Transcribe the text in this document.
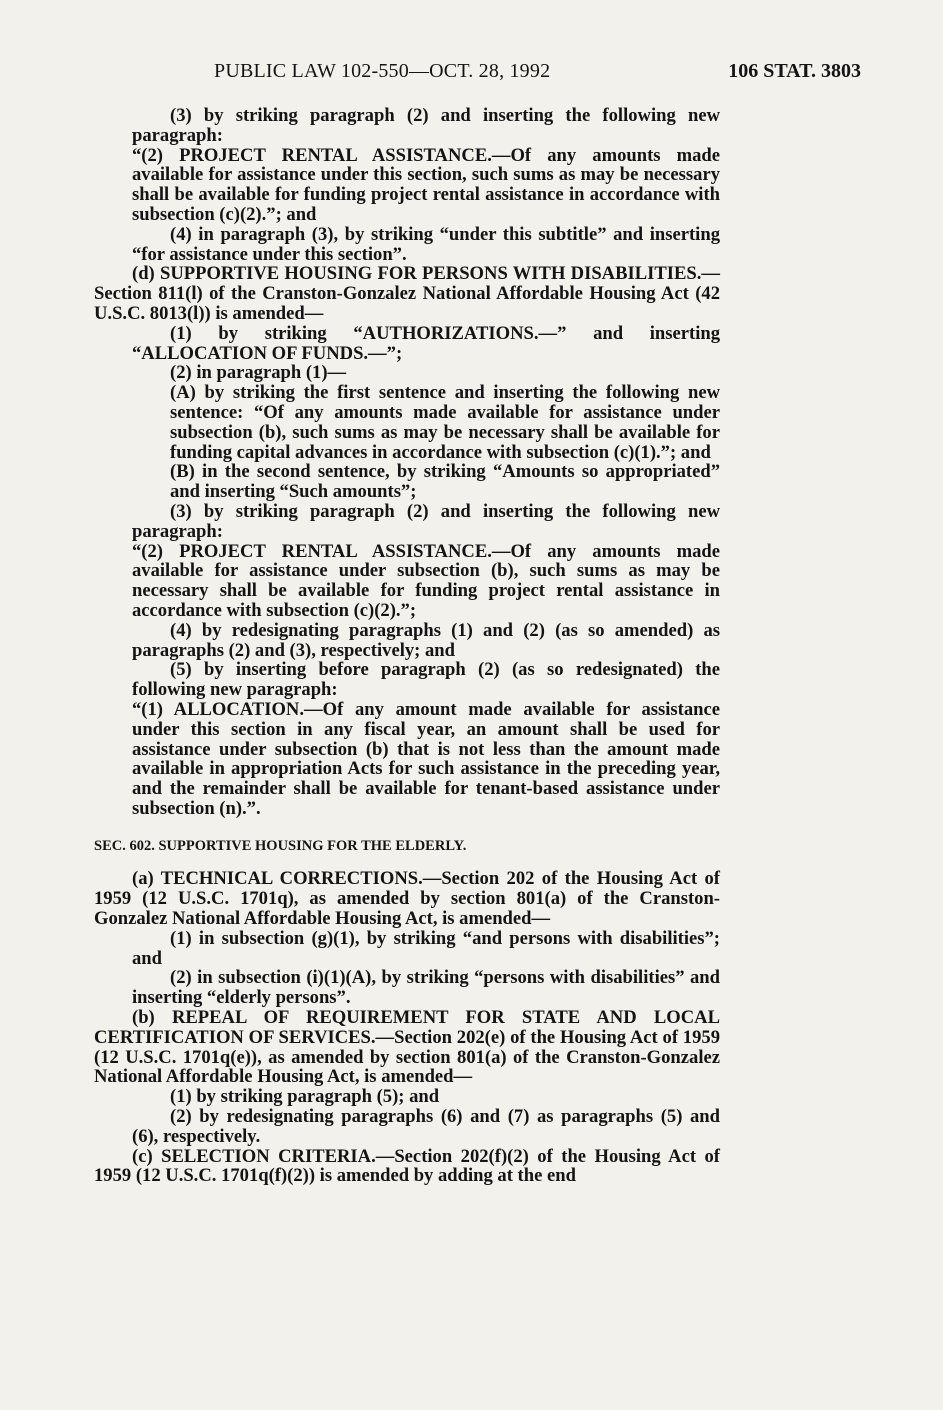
PUBLIC LAW 102-550—OCT. 28, 1992	106 STAT. 3803

(3) by striking paragraph (2) and inserting the following new paragraph:

“(2) PROJECT RENTAL ASSISTANCE.—Of any amounts made available for assistance under this section, such sums as may be necessary shall be available for funding project rental assistance in accordance with subsection (c)(2).”; and

(4) in paragraph (3), by striking “under this subtitle” and inserting “for assistance under this section”.

(d) SUPPORTIVE HOUSING FOR PERSONS WITH DISABILITIES.—Section 811(l) of the Cranston-Gonzalez National Affordable Housing Act (42 U.S.C. 8013(l)) is amended—

(1) by striking “AUTHORIZATIONS.—” and inserting “ALLOCATION OF FUNDS.—”;

(2) in paragraph (1)—

(A) by striking the first sentence and inserting the following new sentence: “Of any amounts made available for assistance under subsection (b), such sums as may be necessary shall be available for funding capital advances in accordance with subsection (c)(1).”; and

(B) in the second sentence, by striking “Amounts so appropriated” and inserting “Such amounts”;

(3) by striking paragraph (2) and inserting the following new paragraph:

“(2) PROJECT RENTAL ASSISTANCE.—Of any amounts made available for assistance under subsection (b), such sums as may be necessary shall be available for funding project rental assistance in accordance with subsection (c)(2).”;

(4) by redesignating paragraphs (1) and (2) (as so amended) as paragraphs (2) and (3), respectively; and

(5) by inserting before paragraph (2) (as so redesignated) the following new paragraph:

“(1) ALLOCATION.—Of any amount made available for assistance under this section in any fiscal year, an amount shall be used for assistance under subsection (b) that is not less than the amount made available in appropriation Acts for such assistance in the preceding year, and the remainder shall be available for tenant-based assistance under subsection (n).”.

SEC. 602. SUPPORTIVE HOUSING FOR THE ELDERLY.

(a) TECHNICAL CORRECTIONS.—Section 202 of the Housing Act of 1959 (12 U.S.C. 1701q), as amended by section 801(a) of the Cranston-Gonzalez National Affordable Housing Act, is amended—

(1) in subsection (g)(1), by striking “and persons with disabilities”; and

(2) in subsection (i)(1)(A), by striking “persons with disabilities” and inserting “elderly persons”.

(b) REPEAL OF REQUIREMENT FOR STATE AND LOCAL CERTIFICATION OF SERVICES.—Section 202(e) of the Housing Act of 1959 (12 U.S.C. 1701q(e)), as amended by section 801(a) of the Cranston-Gonzalez National Affordable Housing Act, is amended—

(1) by striking paragraph (5); and

(2) by redesignating paragraphs (6) and (7) as paragraphs (5) and (6), respectively.

(c) SELECTION CRITERIA.—Section 202(f)(2) of the Housing Act of 1959 (12 U.S.C. 1701q(f)(2)) is amended by adding at the end
